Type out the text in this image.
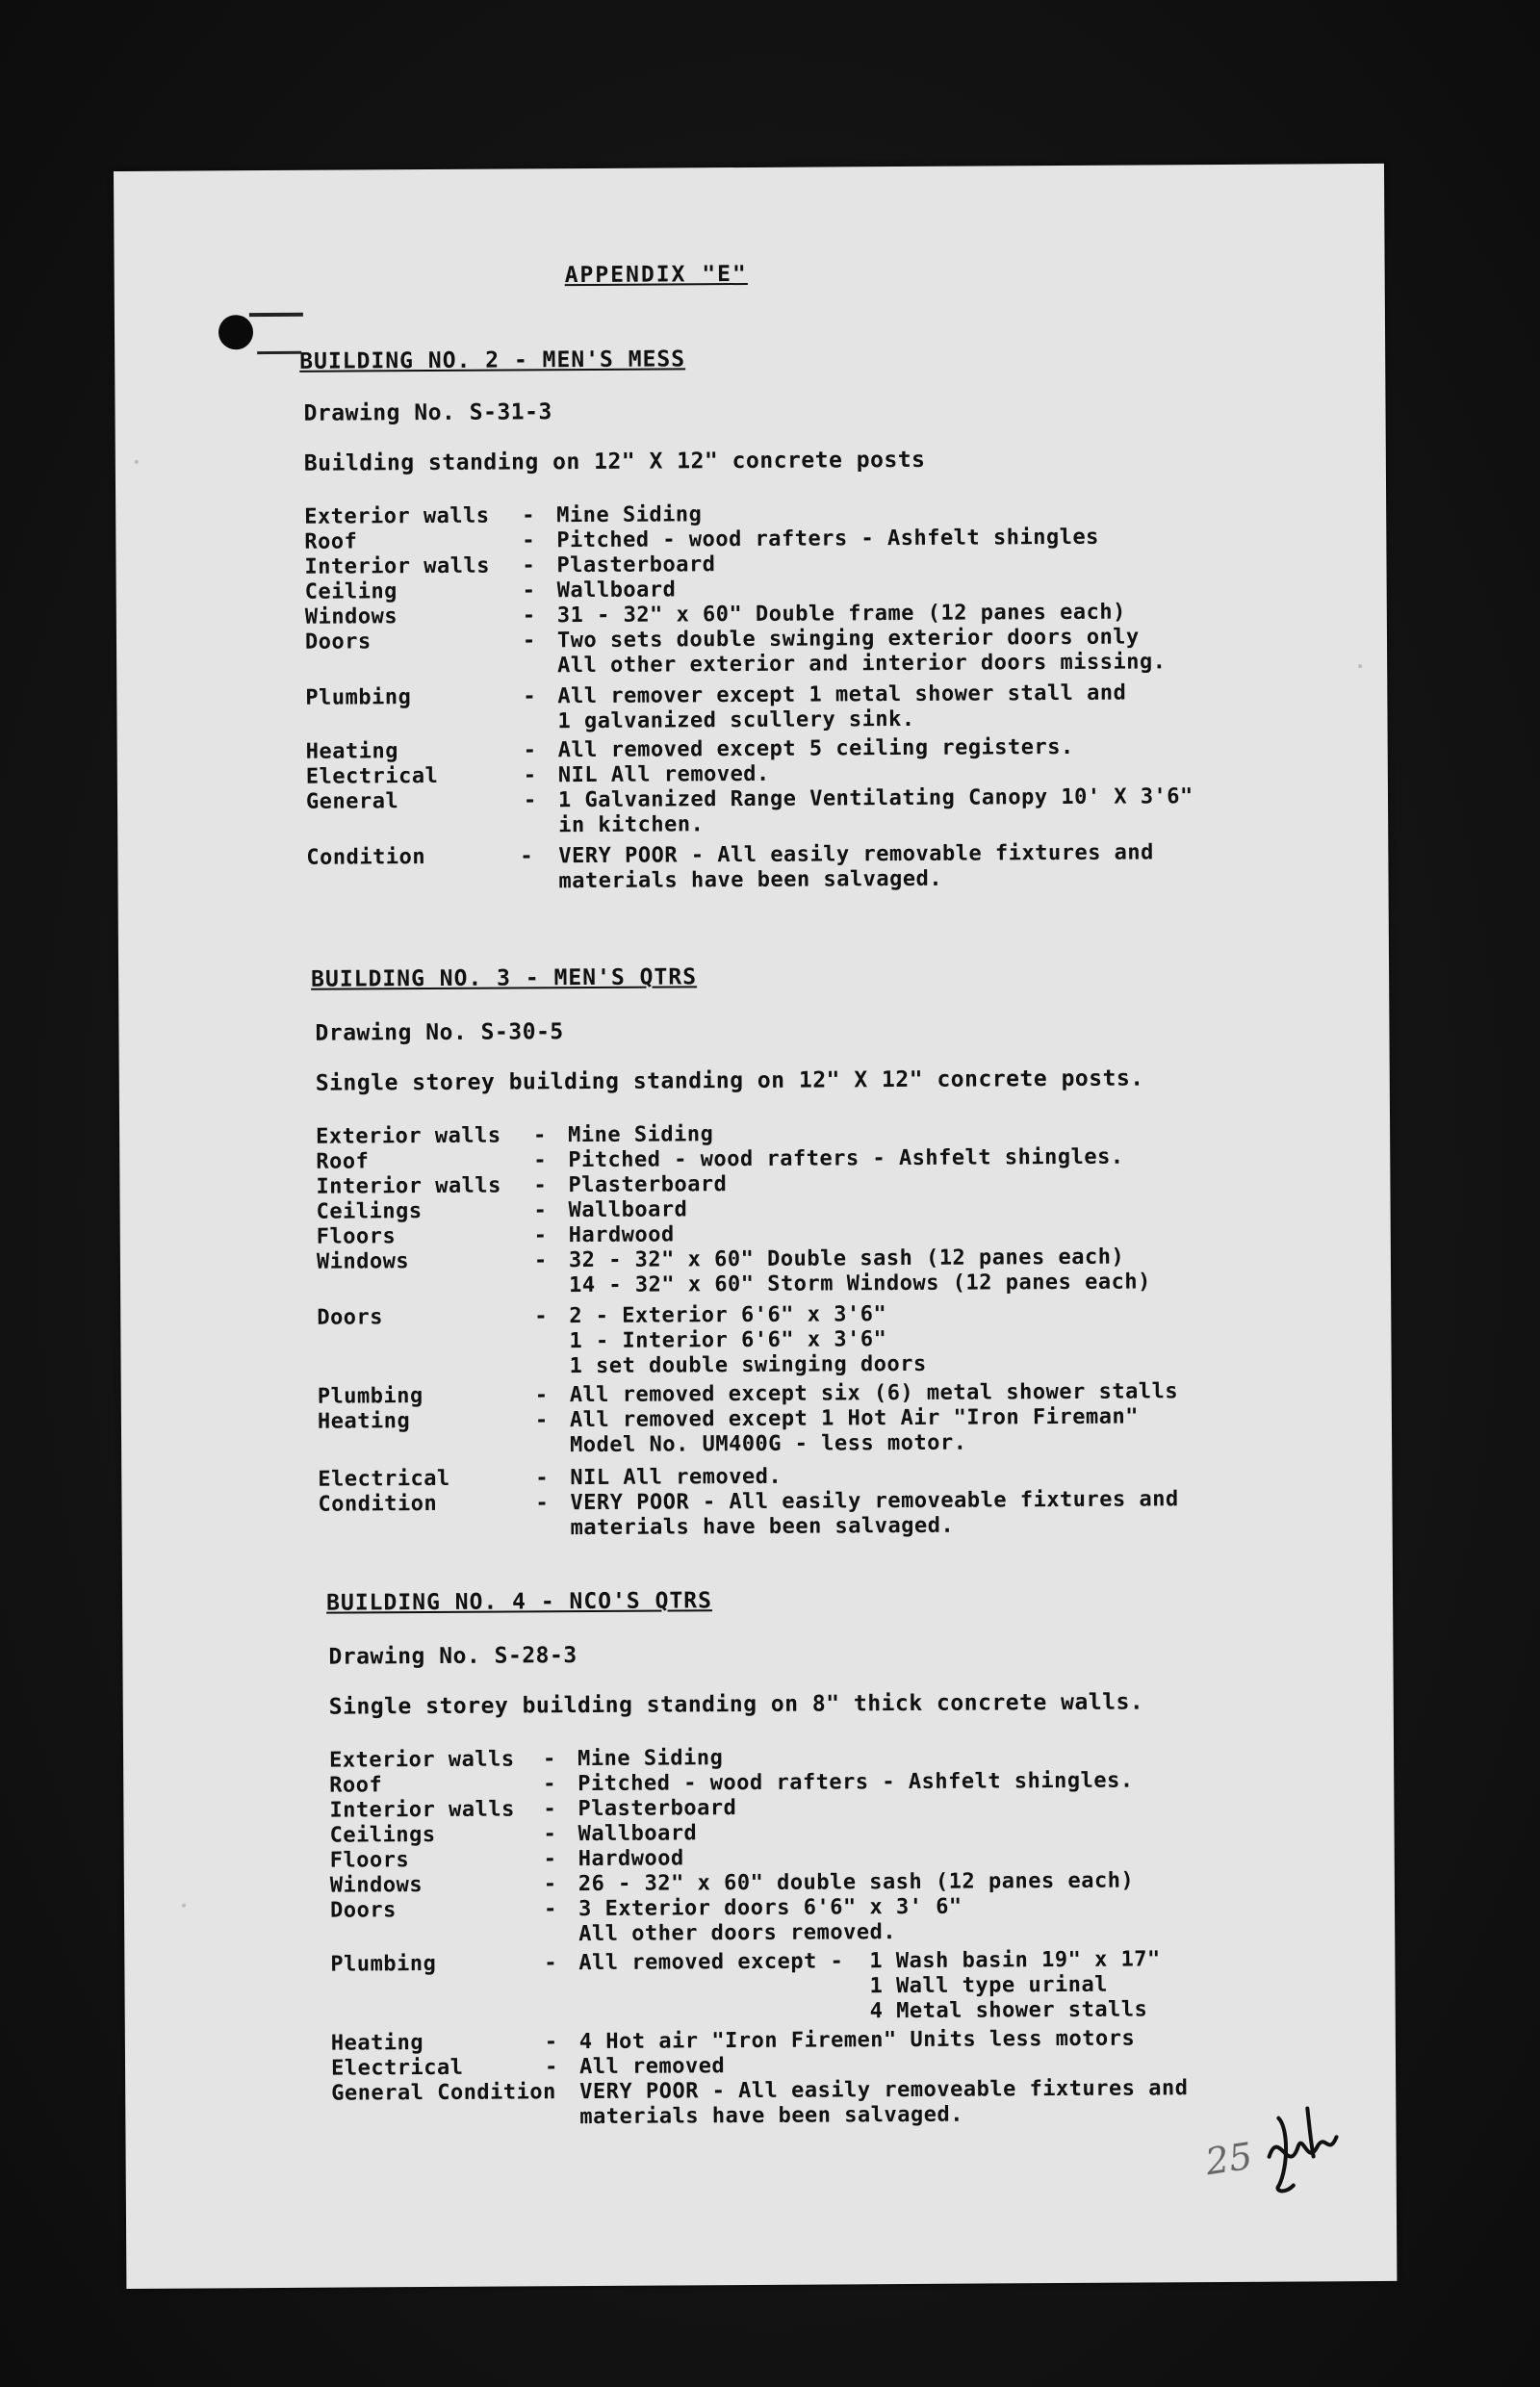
APPENDIX "E"
BUILDING NO. 2 - MEN'S MESS
Drawing No. S-31-3
Building standing on 12" X 12" concrete posts
Exterior walls - Mine Siding
Roof	- Pitched - wood rafters - Ashfelt shingles
Interior walls - Plasterboard
Ceiling	- Wallboard
Windows	- 31 - 32" x 60" Double frame (12 panes each)
Doors	- Two sets double swinging exterior doors only
All other exterior and interior doors missing.
Plumbing	- All remover except 1 metal shower stall and
1 galvanized scullery sink.
Heating	- All removed except 5 ceiling registers.
Electrical	- NIL All removed.
General	- 1 Galvanized Range Ventilating Canopy 10' X 3'6"
in kitchen.
Condition	- VERY POOR - All easily removable fixtures and
materials have been salvaged.
BUILDING NO. 3 - MEN'S QTRS
Drawing No. S-30-5
Single storey building standing on 12" X 12" concrete posts.
Exterior walls - Mine Siding
Roof	- Pitched - wood rafters - Ashfelt shingles.
Interior walls - Plasterboard
Ceilings	- Wallboard
Floors	- Hardwood
Windows	- 32 - 32" x 60" Double sash (12 panes each)
14 - 32" x 60" Storm Windows (12 panes each)
Doors	- 2 - Exterior 6'6" x 3'6"
1 - Interior 6'6" x 3'6"
1 set double swinging doors
Plumbing	- All removed except six (6) metal shower stalls
Heating	- All removed except 1 Hot Air "Iron Fireman"
Model No. UM400G - less motor.
Electrical	- NIL All removed.
Condition	- VERY POOR - All easily removeable fixtures and
materials have been salvaged.
BUILDING NO. 4 - NCO'S QTRS
Drawing No. S-28-3
Single storey building standing on 8" thick concrete walls.
Exterior walls - Mine Siding
Roof	- Pitched - wood rafters - Ashfelt shingles.
Interior walls - Plasterboard
Ceilings	- Wallboard
Floors	- Hardwood
Windows	- 26 - 32" x 60" double sash (12 panes each)
Doors	- 3 Exterior doors 6'6" x 3' 6"
All other doors removed.
Plumbing	- All removed except - 1 Wash basin 19" x 17"
1 Wall type urinal
4 Metal shower stalls
Heating	- 4 Hot air "Iron Firemen" Units less motors
Electrical	- All removed
General Condition VERY POOR - All easily removeable fixtures and
materials have been salvaged.
25
